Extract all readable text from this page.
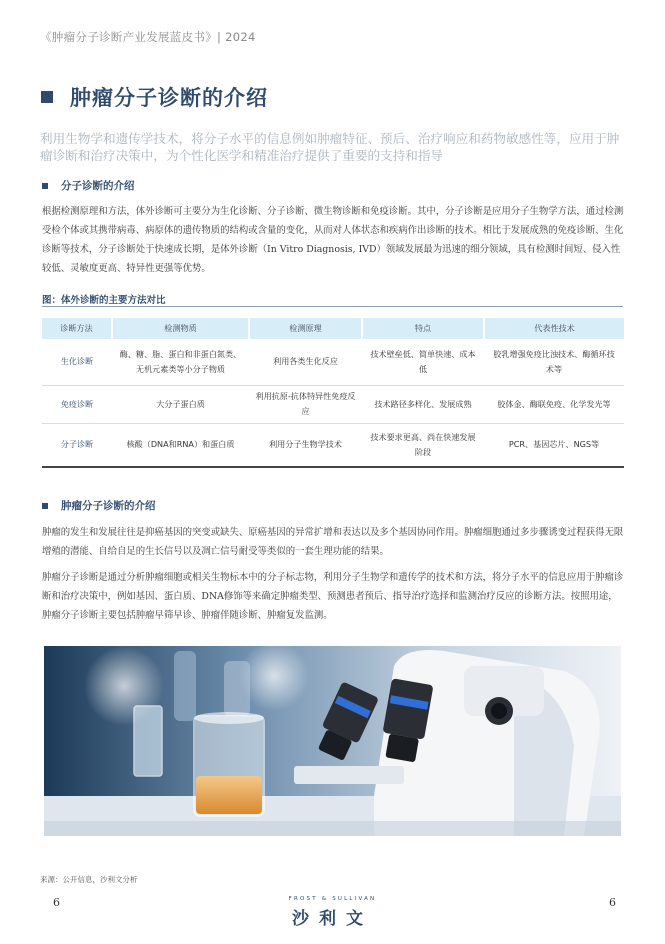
《肿瘤分子诊断产业发展蓝皮书》| 2024
肿瘤分子诊断的介绍
利用生物学和遗传学技术，将分子水平的信息例如肿瘤特征、预后、治疗响应和药物敏感性等，应用于肿瘤诊断和治疗决策中，为个性化医学和精准治疗提供了重要的支持和指导
分子诊断的介绍
根据检测原理和方法，体外诊断可主要分为生化诊断、分子诊断、微生物诊断和免疫诊断。其中，分子诊断是应用分子生物学方法，通过检测受检个体或其携带病毒、病原体的遗传物质的结构或含量的变化，从而对人体状态和疾病作出诊断的技术。相比于发展成熟的免疫诊断、生化诊断等技术，分子诊断处于快速成长期，是体外诊断（In Vitro Diagnosis, IVD）领域发展最为迅速的细分领域，具有检测时间短、侵入性较低、灵敏度更高、特异性更强等优势。
图：体外诊断的主要方法对比
诊断方法	检测物质	检测原理	特点	代表性技术
生化诊断	酶、糖、脂、蛋白和非蛋白氮类、无机元素类等小分子物质	利用各类生化反应	技术壁垒低、简单快速、成本低	胶乳增强免疫比浊技术、酶循环技术等
免疫诊断	大分子蛋白质	利用抗原-抗体特异性免疫反应	技术路径多样化、发展成熟	胶体金、酶联免疫、化学发光等
分子诊断	核酸（DNA和RNA）和蛋白质	利用分子生物学技术	技术要求更高、尚在快速发展阶段	PCR、基因芯片、NGS等
肿瘤分子诊断的介绍
肿瘤的发生和发展往往是抑癌基因的突变或缺失、原癌基因的异常扩增和表达以及多个基因协同作用。肿瘤细胞通过多步骤诱变过程获得无限增殖的潜能、自给自足的生长信号以及凋亡信号耐受等类似的一套生理功能的结果。
肿瘤分子诊断是通过分析肿瘤细胞或相关生物标本中的分子标志物，利用分子生物学和遗传学的技术和方法，将分子水平的信息应用于肿瘤诊断和治疗决策中，例如基因、蛋白质、DNA修饰等来确定肿瘤类型、预测患者预后、指导治疗选择和监测治疗反应的诊断方法。按照用途，肿瘤分子诊断主要包括肿瘤早筛早诊、肿瘤伴随诊断、肿瘤复发监测。
来源：公开信息，沙利文分析
6	6
FROST & SULLIVAN
沙利文
